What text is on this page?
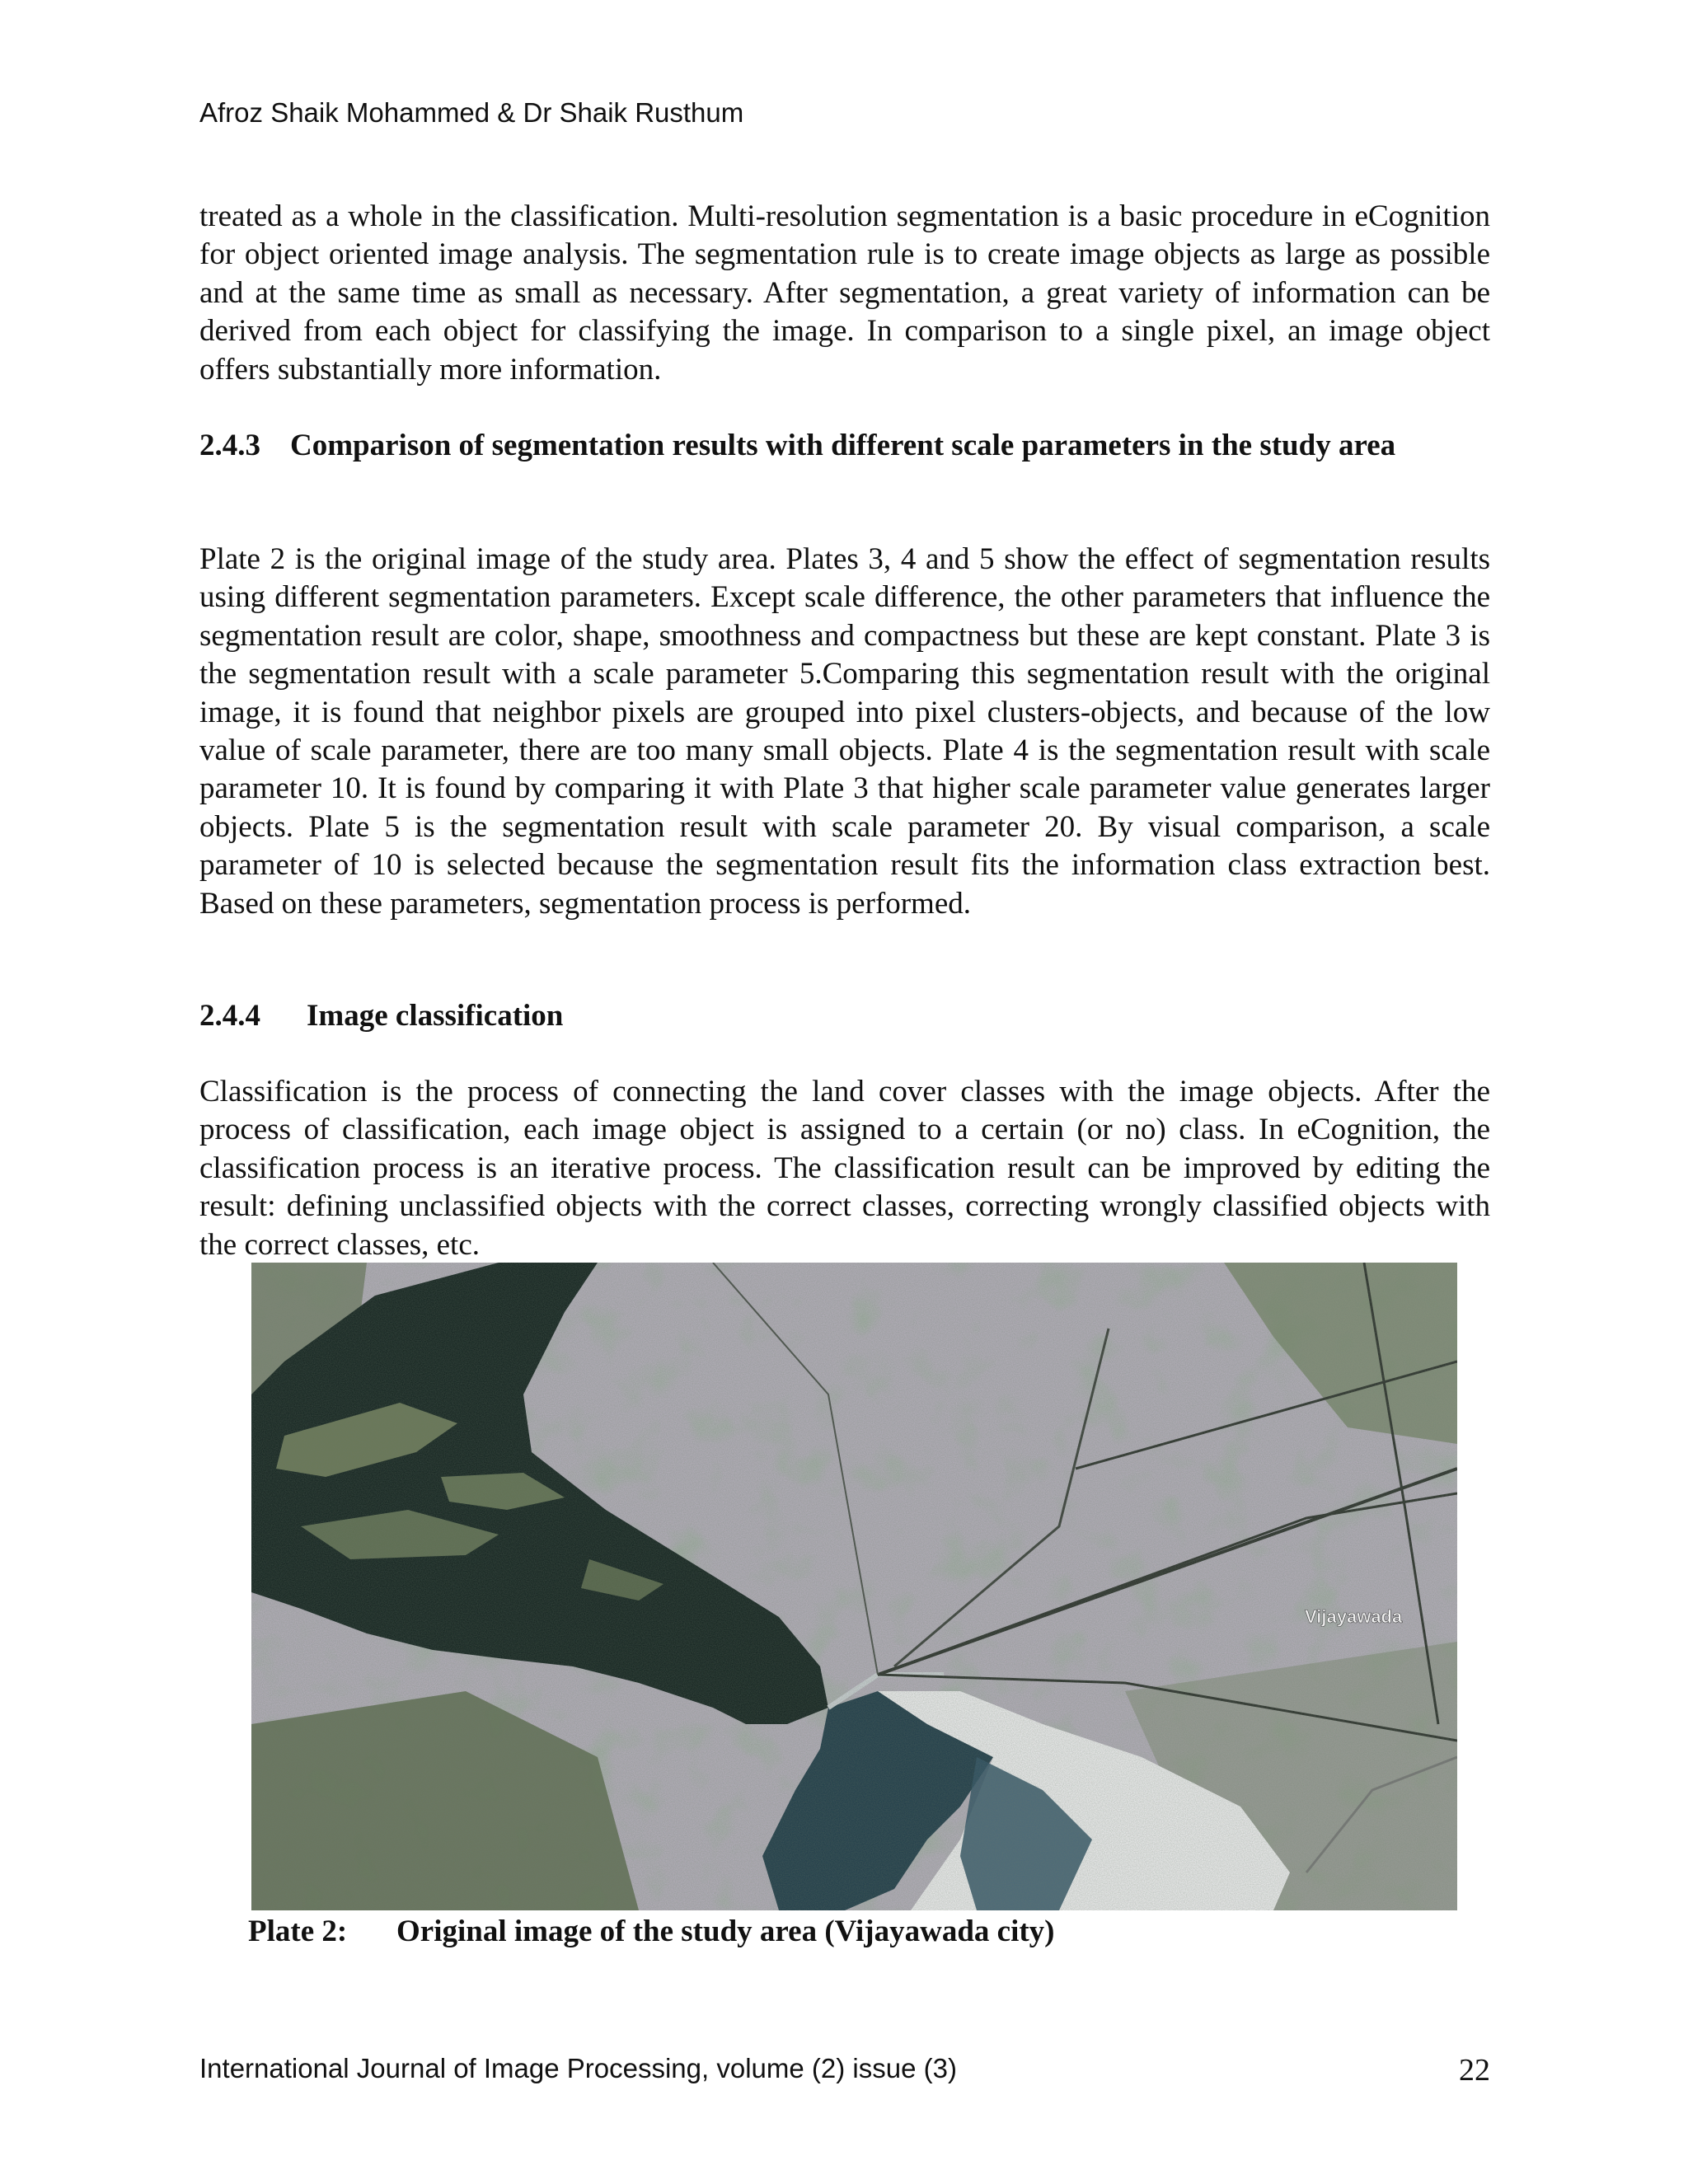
Afroz Shaik Mohammed & Dr Shaik Rusthum

treated as a whole in the classification. Multi-resolution segmentation is a basic procedure in eCognition for object oriented image analysis. The segmentation rule is to create image objects as large as possible and at the same time as small as necessary. After segmentation, a great variety of information can be derived from each object for classifying the image. In comparison to a single pixel, an image object offers substantially more information.

2.4.3 Comparison of segmentation results with different scale parameters in the study area

Plate 2 is the original image of the study area. Plates 3, 4 and 5 show the effect of segmentation results using different segmentation parameters. Except scale difference, the other parameters that influence the segmentation result are color, shape, smoothness and compactness but these are kept constant. Plate 3 is the segmentation result with a scale parameter 5.Comparing this segmentation result with the original image, it is found that neighbor pixels are grouped into pixel clusters-objects, and because of the low value of scale parameter, there are too many small objects. Plate 4 is the segmentation result with scale parameter 10. It is found by comparing it with Plate 3 that higher scale parameter value generates larger objects. Plate 5 is the segmentation result with scale parameter 20. By visual comparison, a scale parameter of 10 is selected because the segmentation result fits the information class extraction best. Based on these parameters, segmentation process is performed.

2.4.4	Image classification

Classification is the process of connecting the land cover classes with the image objects. After the process of classification, each image object is assigned to a certain (or no) class. In eCognition, the classification process is an iterative process. The classification result can be improved by editing the result: defining unclassified objects with the correct classes, correcting wrongly classified objects with the correct classes, etc.

Vijayawada
Plate 2: Original image of the study area (Vijayawada city)
International Journal of Image Processing, volume (2) issue (3)	22
